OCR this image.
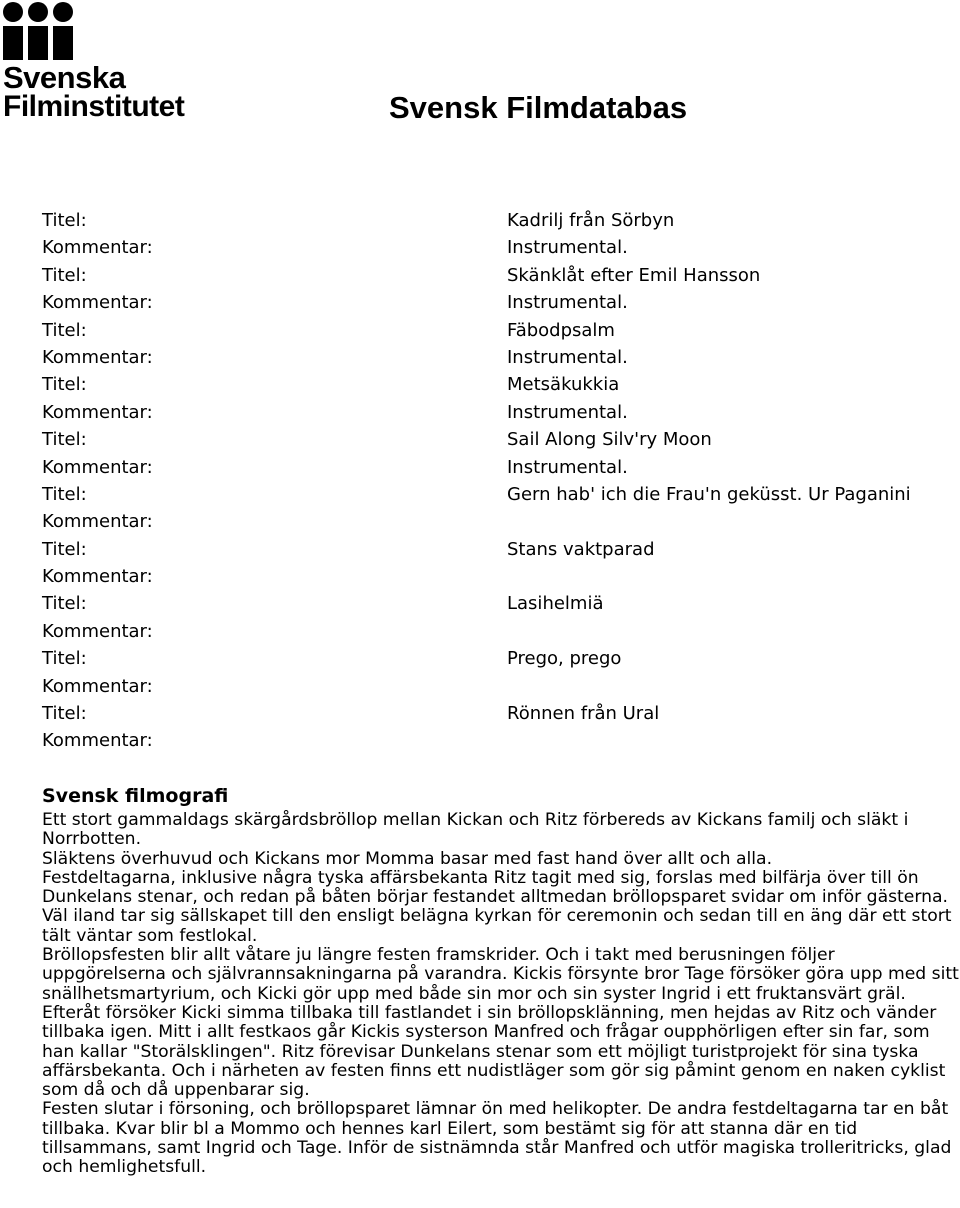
Svenska
Filminstitutet	Svensk Filmdatabas
Titel:	Kadrilj från Sörbyn
Kommentar:	Instrumental.
Titel:	Skänklåt efter Emil Hansson
Kommentar:	Instrumental.
Titel:	Fäbodpsalm
Kommentar:	Instrumental.
Titel:	Metsäkukkia
Kommentar:	Instrumental.
Titel:	Sail Along Silv'ry Moon
Kommentar:	Instrumental.
Titel:	Gern hab' ich die Frau'n geküsst. Ur Paganini
Kommentar:
Titel:	Stans vaktparad
Kommentar:
Titel:	Lasihelmiä
Kommentar:
Titel:	Prego, prego
Kommentar:
Titel:	Rönnen från Ural
Kommentar:
Svensk filmografi

Ett stort gammaldags skärgårdsbröllop mellan Kickan och Ritz förbereds av Kickans familj och släkt i Norrbotten.

Släktens överhuvud och Kickans mor Momma basar med fast hand över allt och alla.

Festdeltagarna, inklusive några tyska affärsbekanta Ritz tagit med sig, forslas med bilfärja över till ön Dunkelans stenar, och redan på båten börjar festandet alltmedan bröllopsparet svidar om inför gästerna. Väl iland tar sig sällskapet till den ensligt belägna kyrkan för ceremonin och sedan till en äng där ett stort tält väntar som festlokal.

Bröllopsfesten blir allt våtare ju längre festen framskrider. Och i takt med berusningen följer uppgörelserna och självrannsakningarna på varandra. Kickis försynte bror Tage försöker göra upp med sitt snällhetsmartyrium, och Kicki gör upp med både sin mor och sin syster Ingrid i ett fruktansvärt gräl. Efteråt försöker Kicki simma tillbaka till fastlandet i sin bröllopsklänning, men hejdas av Ritz och vänder tillbaka igen. Mitt i allt festkaos går Kickis systerson Manfred och frågar oupphörligen efter sin far, som han kallar "Storälsklingen". Ritz förevisar Dunkelans stenar som ett möjligt turistprojekt för sina tyska affärsbekanta. Och i närheten av festen finns ett nudistläger som gör sig påmint genom en naken cyklist som då och då uppenbarar sig.

Festen slutar i försoning, och bröllopsparet lämnar ön med helikopter. De andra festdeltagarna tar en båt tillbaka. Kvar blir bl a Mommo och hennes karl Eilert, som bestämt sig för att stanna där en tid tillsammans, samt Ingrid och Tage. Inför de sistnämnda står Manfred och utför magiska trolleritricks, glad och hemlighetsfull.
